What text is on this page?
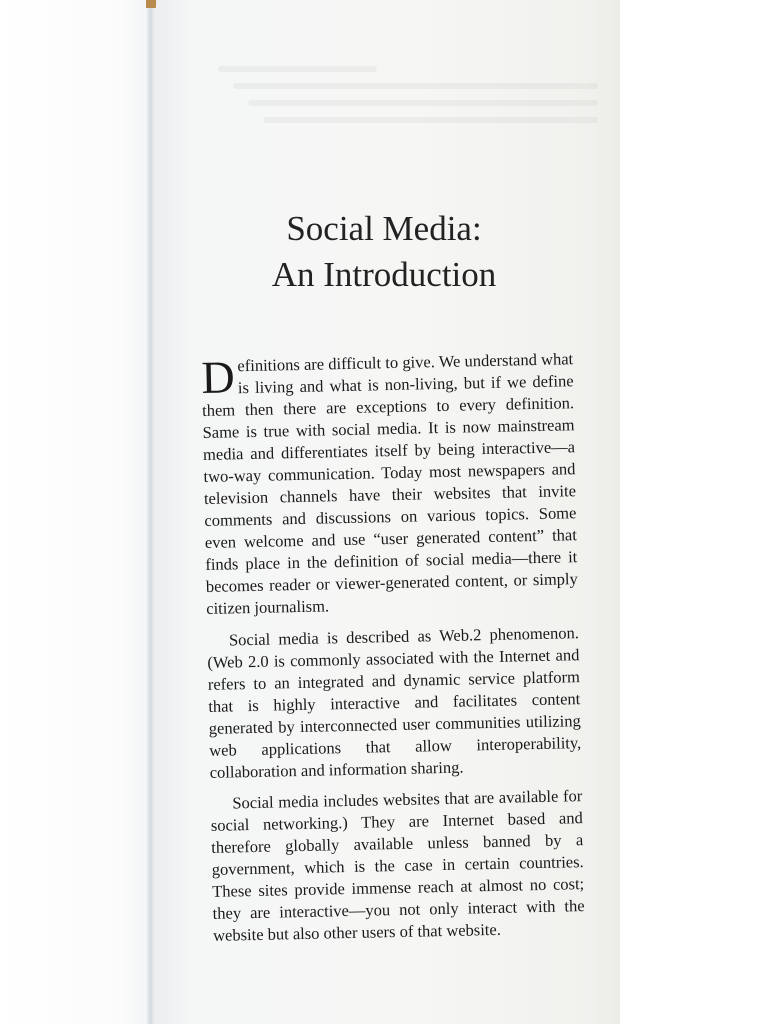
Social Media:
An Introduction

Definitions are difficult to give. We understand what is living and what is non-living, but if we define them then there are exceptions to every definition. Same is true with social media. It is now mainstream media and differentiates itself by being interactive—a two-way communication. Today most newspapers and television channels have their websites that invite comments and discussions on various topics. Some even welcome and use “user generated content” that finds place in the definition of social media—there it becomes reader or viewer-generated content, or simply citizen journalism.

Social media is described as Web.2 phenomenon. (Web 2.0 is commonly associated with the Internet and refers to an integrated and dynamic service platform that is highly interactive and facilitates content generated by interconnected user communities utilizing web applications that allow interoperability, collaboration and information sharing.

Social media includes websites that are available for social networking.) They are Internet based and therefore globally available unless banned by a government, which is the case in certain countries. These sites provide immense reach at almost no cost; they are interactive—you not only interact with the website but also other users of that website.
